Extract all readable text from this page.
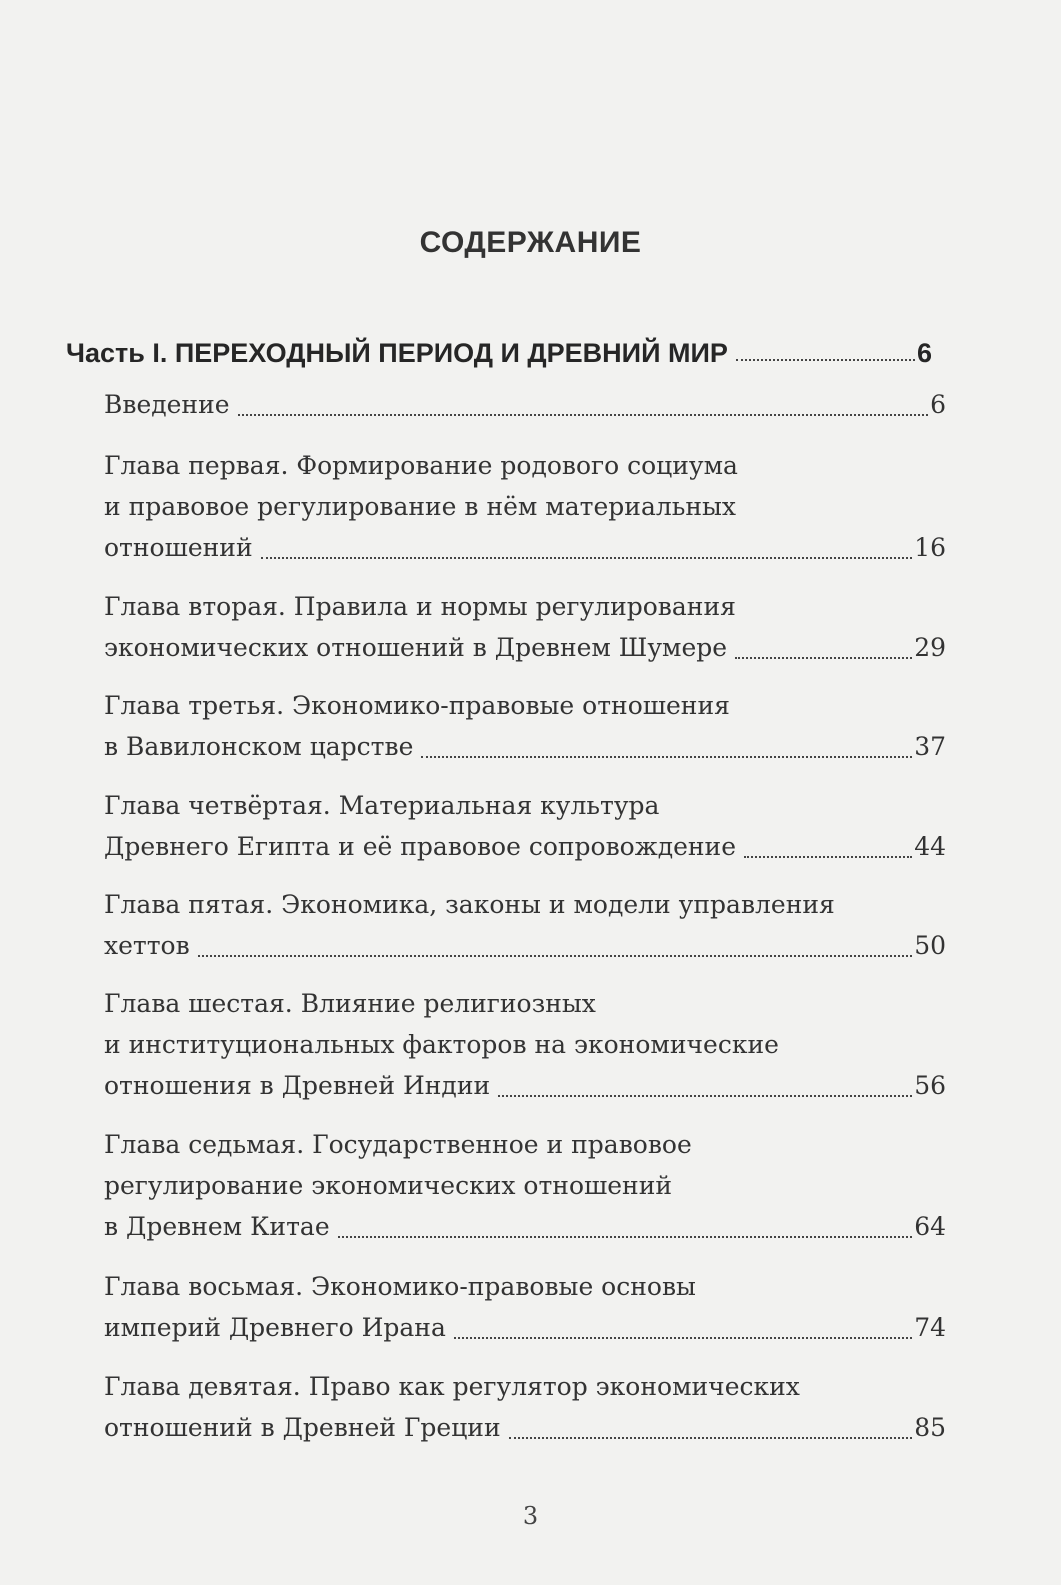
СОДЕРЖАНИЕ
Часть I. ПЕРЕХОДНЫЙ ПЕРИОД И ДРЕВНИЙ МИР	6
Введение	6
Глава первая. Формирование родового социума
и правовое регулирование в нём материальных
отношений	16
Глава вторая. Правила и нормы регулирования
экономических отношений в Древнем Шумере	29
Глава третья. Экономико-правовые отношения
в Вавилонском царстве	37
Глава четвёртая. Материальная культура
Древнего Египта и её правовое сопровождение	44
Глава пятая. Экономика, законы и модели управления
хеттов	50
Глава шестая. Влияние религиозных
и институциональных факторов на экономические
отношения в Древней Индии	56
Глава седьмая. Государственное и правовое
регулирование экономических отношений
в Древнем Китае	64
Глава восьмая. Экономико-правовые основы
империй Древнего Ирана	74
Глава девятая. Право как регулятор экономических
отношений в Древней Греции	85
3
